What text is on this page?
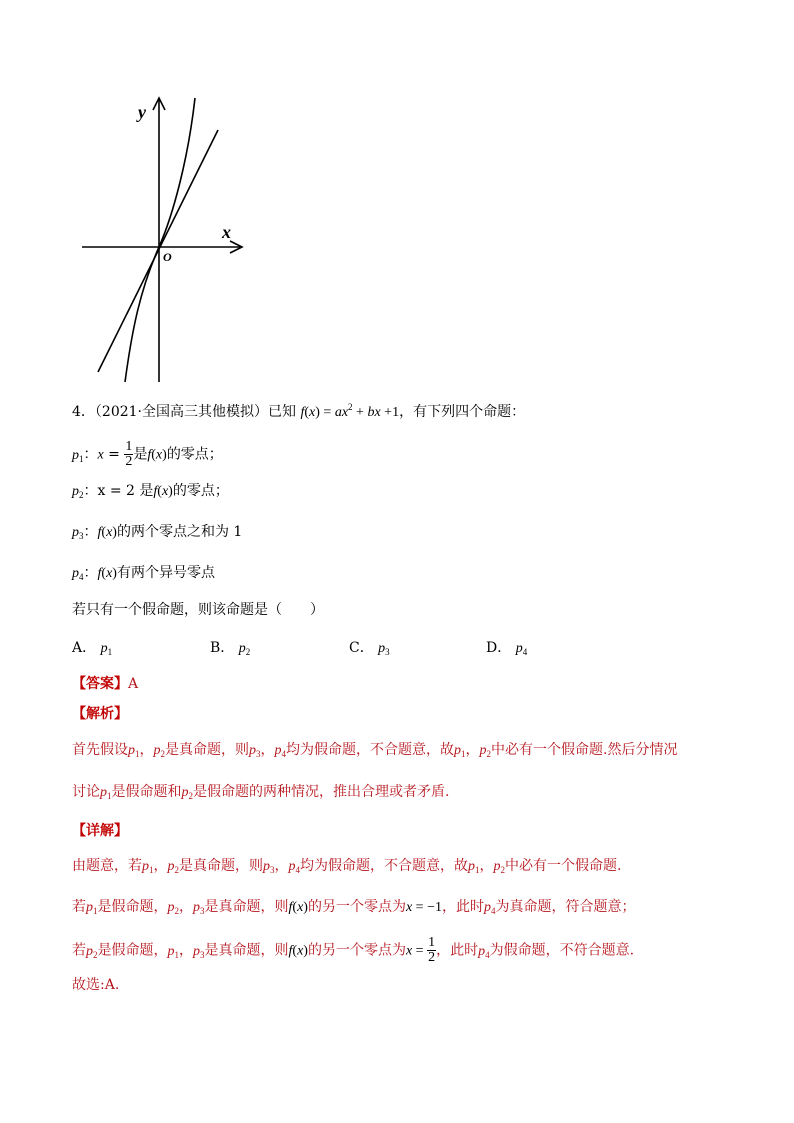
y
x
O
4．（2021·全国高三其他模拟）已知 $f(x) = ax^2$ + bx +1，有下列四个命题：
$p_1$：$x = \frac{1}{2}$ 是f(x)的零点；
$p_2$：x = 2 是f(x)的零点；
$p_3$：f(x)的两个零点之和为 1
$p_4$：f(x)有两个异号零点
若只有一个假命题，则该命题是（　　）
A． $p_1$	B． $p_2$	C． $p_3$	D． $p_4$
【答案】A
【解析】
首先假设$p_1$，$p_2$是真命题，则$p_3$，$p_4$均为假命题，不合题意，故$p_1$，$p_2$中必有一个假命题.然后分情况
讨论$p_1$是假命题和$p_2$是假命题的两种情况，推出合理或者矛盾.
【详解】
由题意，若$p_1$，$p_2$是真命题，则$p_3$，$p_4$均为假命题，不合题意，故$p_1$，$p_2$中必有一个假命题.
若$p_1$是假命题，$p_2$，$p_3$是真命题，则f(x)的另一个零点为x = −1，此时$p_4$为真命题，符合题意；
若$p_2$是假命题，$p_1$，$p_3$是真命题，则f(x)的另一个零点为$x = \frac{1}{2}$ ，此时$p_4$为假命题，不符合题意.
故选:A.
